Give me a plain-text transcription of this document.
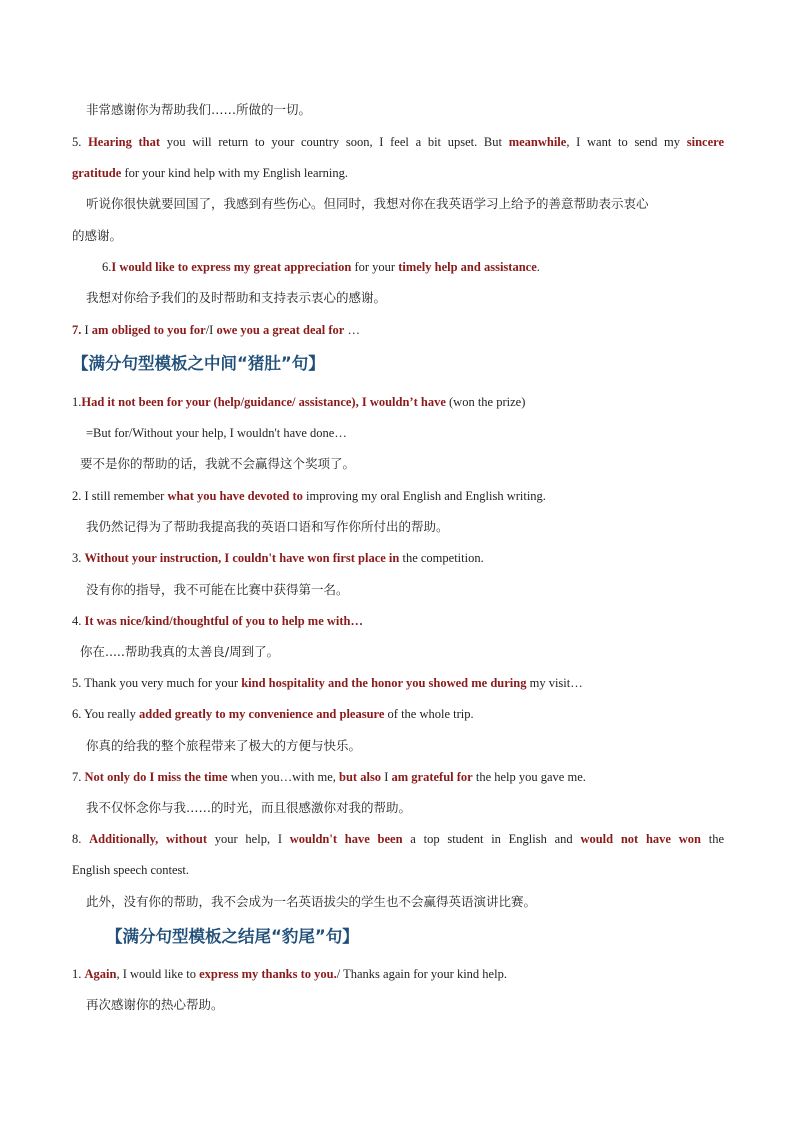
非常感谢你为帮助我们……所做的一切。
5. Hearing that you will return to your country soon, I feel a bit upset. But meanwhile, I want to send my sincere
gratitude for your kind help with my English learning.
听说你很快就要回国了，我感到有些伤心。但同时，我想对你在我英语学习上给予的善意帮助表示衷心
的感谢。
6.I would like to express my great appreciation for your timely help and assistance.
我想对你给予我们的及时帮助和支持表示衷心的感谢。
7. I am obliged to you for/I owe you a great deal for …
【满分句型模板之中间“猪肚”句】
1.Had it not been for your (help/guidance/ assistance), I wouldn’t have (won the prize)
=But for/Without your help, I wouldn't have done…
要不是你的帮助的话，我就不会赢得这个奖项了。
2. I still remember what you have devoted to improving my oral English and English writing.
我仍然记得为了帮助我提高我的英语口语和写作你所付出的帮助。
3. Without your instruction, I couldn't have won first place in the competition.
没有你的指导，我不可能在比赛中获得第一名。
4. It was nice/kind/thoughtful of you to help me with…
你在.....帮助我真的太善良/周到了。
5. Thank you very much for your kind hospitality and the honor you showed me during my visit…
6. You really added greatly to my convenience and pleasure of the whole trip.
你真的给我的整个旅程带来了极大的方便与快乐。
7. Not only do I miss the time when you…with me, but also I am grateful for the help you gave me.
我不仅怀念你与我……的时光，而且很感激你对我的帮助。
8. Additionally, without your help, I wouldn't have been a top student in English and would not have won the
English speech contest.
此外，没有你的帮助，我不会成为一名英语拔尖的学生也不会赢得英语演讲比赛。
【满分句型模板之结尾“豹尾”句】
1. Again, I would like to express my thanks to you./ Thanks again for your kind help.
再次感谢你的热心帮助。
